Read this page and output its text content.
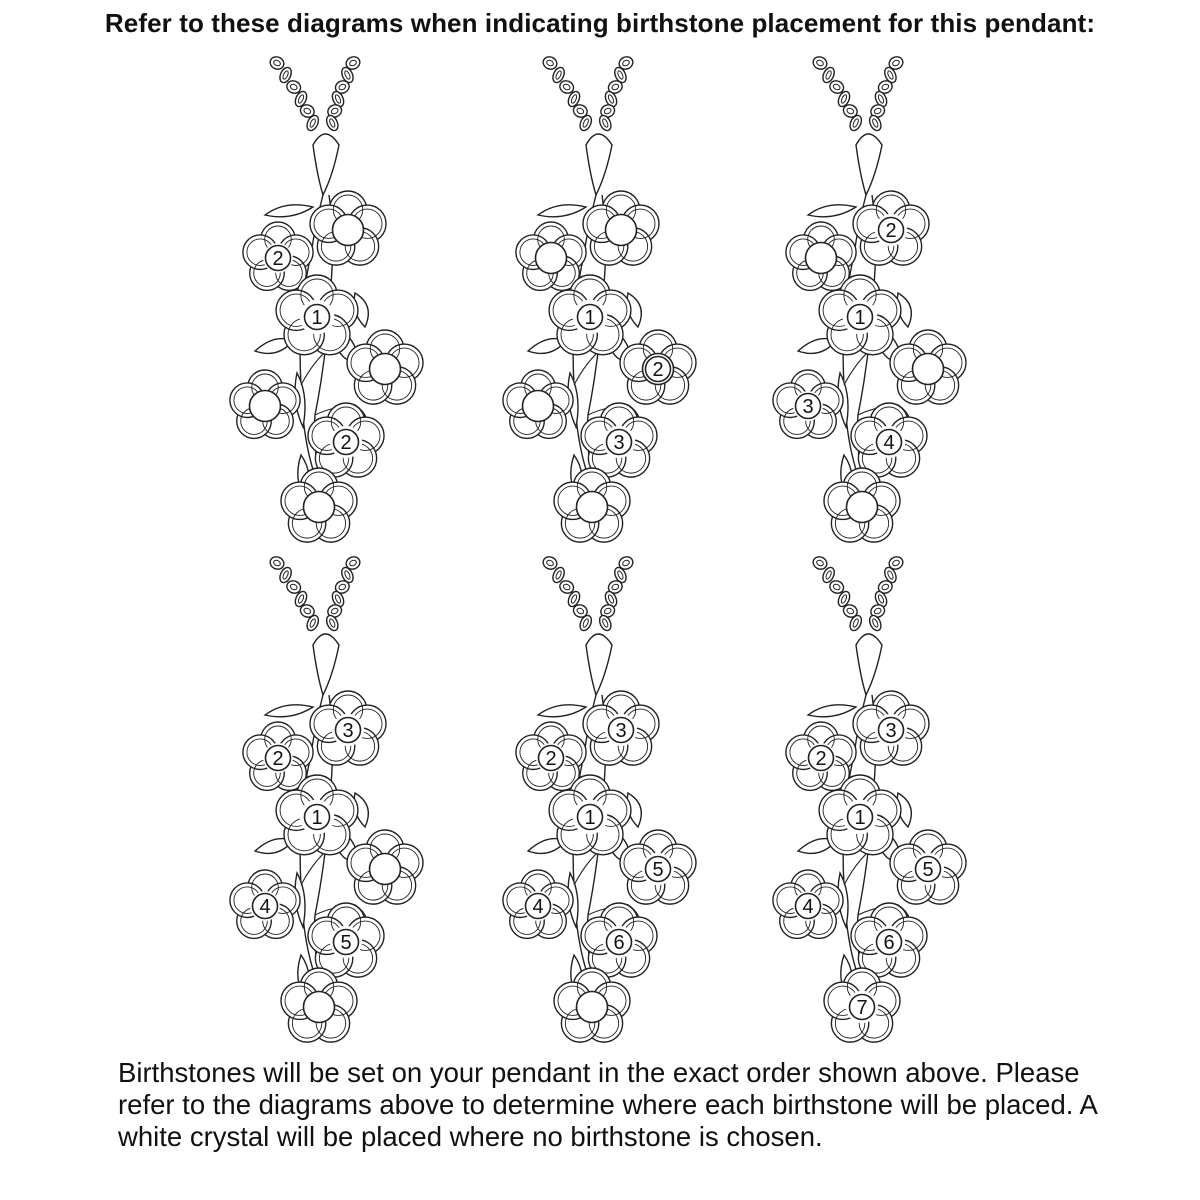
Refer to these diagrams when indicating birthstone placement for this pendant:
2
1
2
1
3
2
2
1
3
4
3
2
1
4
5
3
2
1
5
4
6
3
2
1
5
4
6
7
Birthstones will be set on your pendant in the exact order shown above. Please refer to the diagrams above to determine where each birthstone will be placed. A white crystal will be placed where no birthstone is chosen.
